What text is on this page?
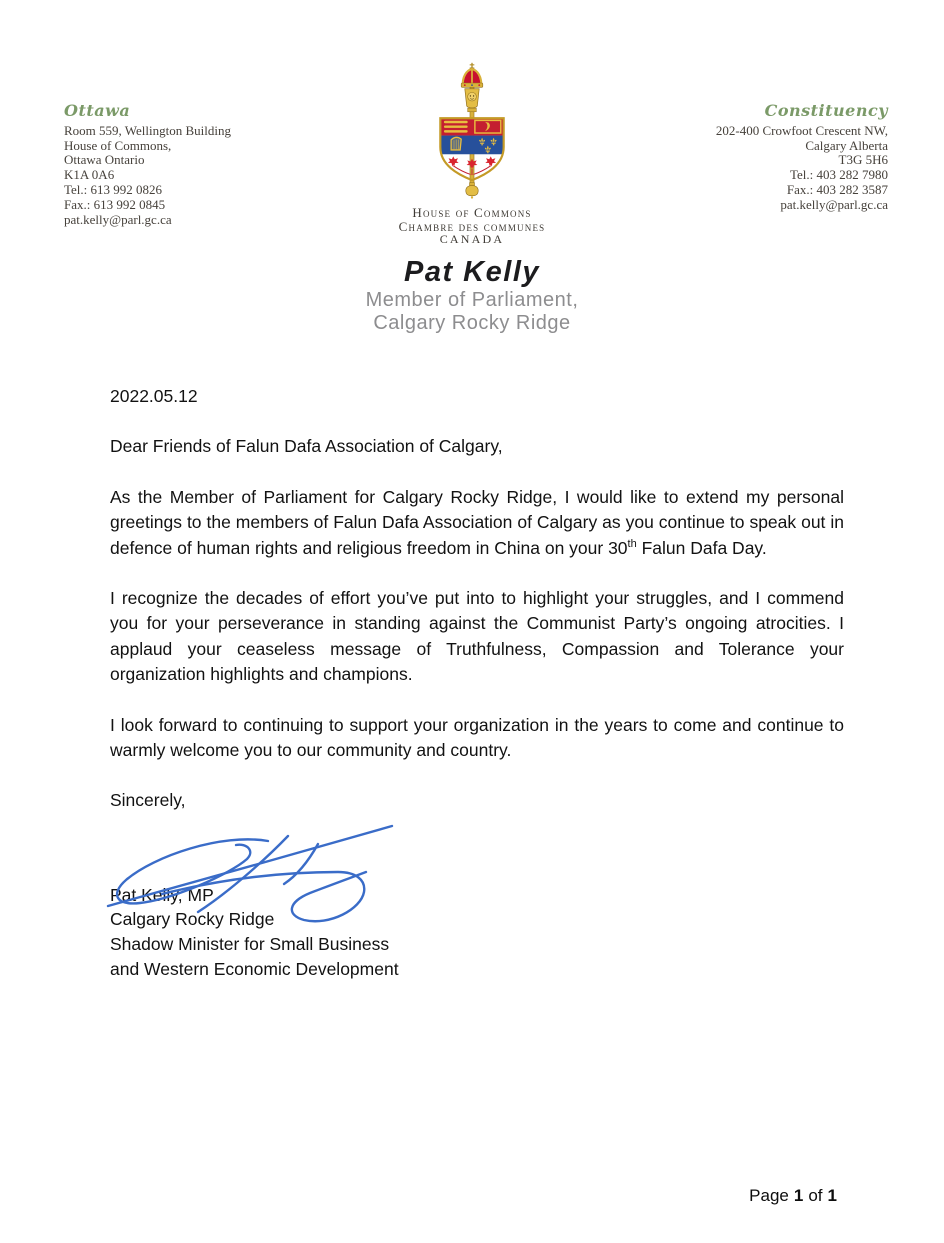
Ottawa
Room 559, Wellington Building
House of Commons,
Ottawa Ontario
K1A 0A6
Tel.: 613 992 0826
Fax.: 613 992 0845
pat.kelly@parl.gc.ca
Constituency
202-400 Crowfoot Crescent NW,
Calgary Alberta
T3G 5H6
Tel.: 403 282 7980
Fax.: 403 282 3587
pat.kelly@parl.gc.ca
House of Commons
Chambre des communes
CANADA
Pat Kelly
Member of Parliament,
Calgary Rocky Ridge
2022.05.12
Dear Friends of Falun Dafa Association of Calgary,

As the Member of Parliament for Calgary Rocky Ridge, I would like to extend my personal greetings to the members of Falun Dafa Association of Calgary as you continue to speak out in defence of human rights and religious freedom in China on your 30th Falun Dafa Day.

I recognize the decades of effort you’ve put into to highlight your struggles, and I commend you for your perseverance in standing against the Communist Party’s ongoing atrocities. I applaud your ceaseless message of Truthfulness, Compassion and Tolerance your organization highlights and champions.

I look forward to continuing to support your organization in the years to come and continue to warmly welcome you to our community and country.

Sincerely,
Pat Kelly, MP
Calgary Rocky Ridge
Shadow Minister for Small Business
and Western Economic Development
Page 1 of 1
